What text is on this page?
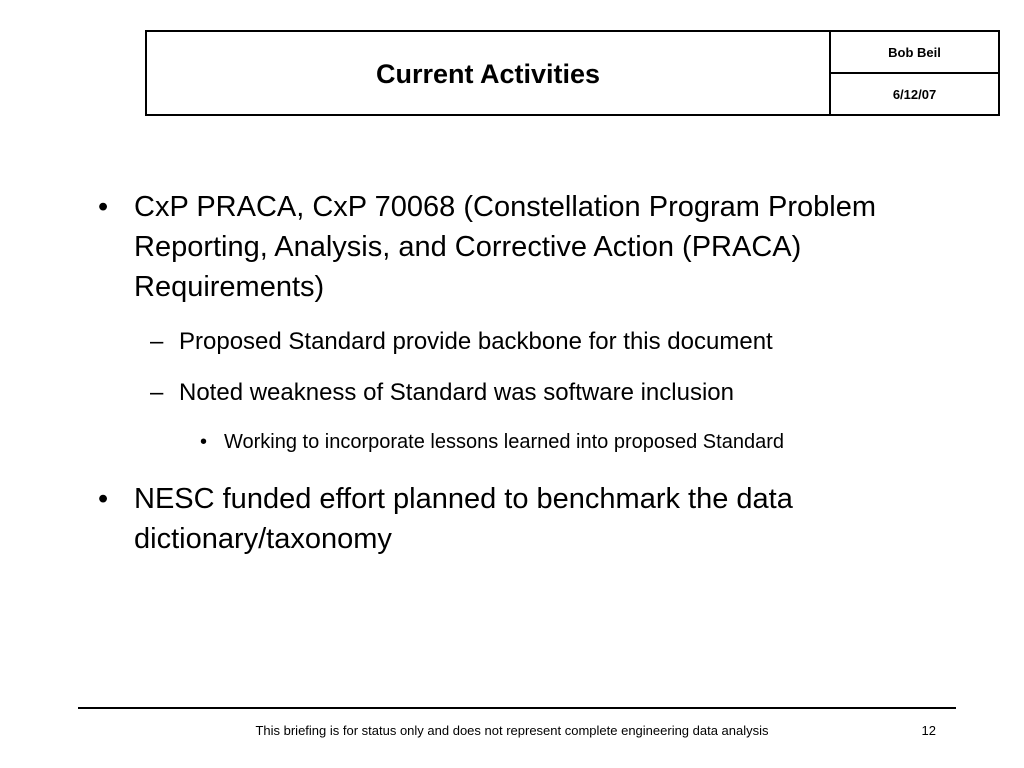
Current Activities
Bob Beil
6/12/07
• CxP PRACA, CxP 70068 (Constellation Program Problem Reporting, Analysis, and Corrective Action (PRACA) Requirements)
– Proposed Standard provide backbone for this document
– Noted weakness of Standard was software inclusion
• Working to incorporate lessons learned into proposed Standard
• NESC funded effort planned to benchmark the data dictionary/taxonomy
This briefing is for status only and does not represent complete engineering data analysis	12
